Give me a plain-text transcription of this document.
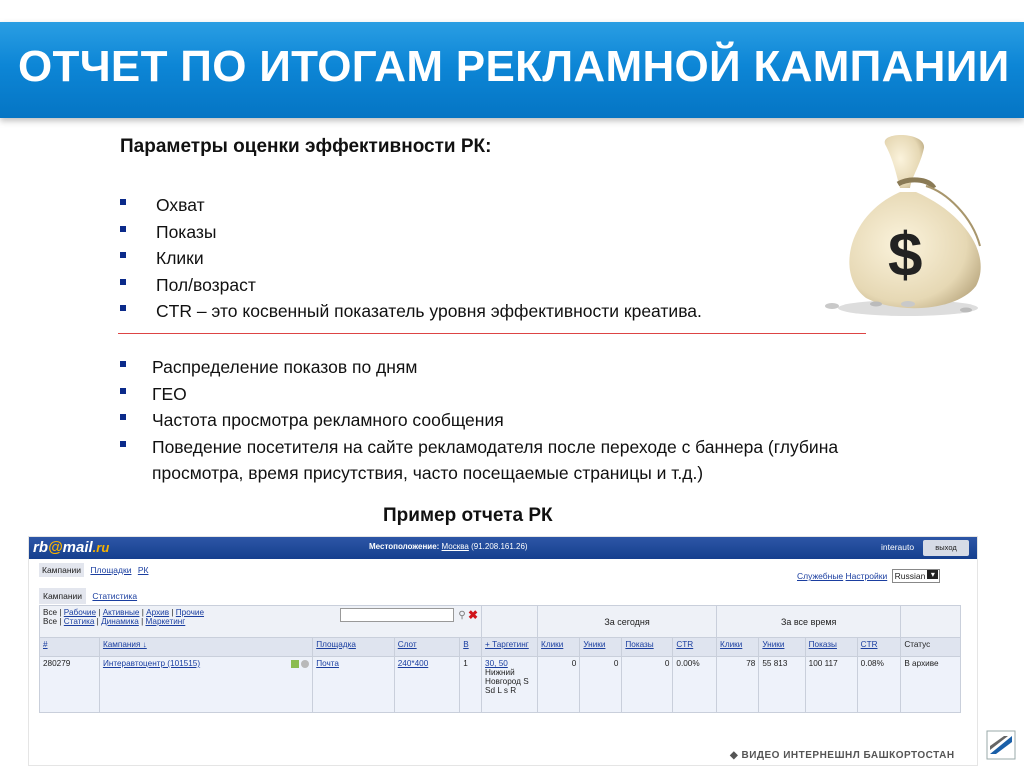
ОТЧЕТ ПО ИТОГАМ РЕКЛАМНОЙ КАМПАНИИ
Параметры оценки эффективности РК:
Охват
Показы
Клики
Пол/возраст
CTR – это косвенный показатель уровня эффективности креатива.
Распределение показов по дням
ГЕО
Частота просмотра рекламного сообщения
Поведение посетителя на сайте рекламодателя после переходе с баннера (глубина просмотра, время присутствия, часто посещаемые страницы и т.д.)
$
Пример отчета РК
rb@mail.ru	Местоположение: Москва (91.208.161.26)	interauto	выход
Кампании Площадки РК
Служебные Настройки Russian ▾
Кампании Статистика
Все | Рабочие | Активные | Архив | Прочие ⚲ ✖

Все | Статика | Динамика | Маркетинг						За сегодня				За все время				
#	Кампания ↓	Площадка	Слот	В	+ Таргетинг	Клики	Уники	Показы	CTR	Клики	Уники	Показы	CTR	Статус
280279	Интеравтоцентр (101515)	Почта	240*400	1	30, 50
Нижний Новгород S Sd L s R	0	0	0	0.00%	78	55 813	100 117	0.08%	В архиве
◆ ВИДЕО ИНТЕРНЕШНЛ БАШКОРТОСТАН
